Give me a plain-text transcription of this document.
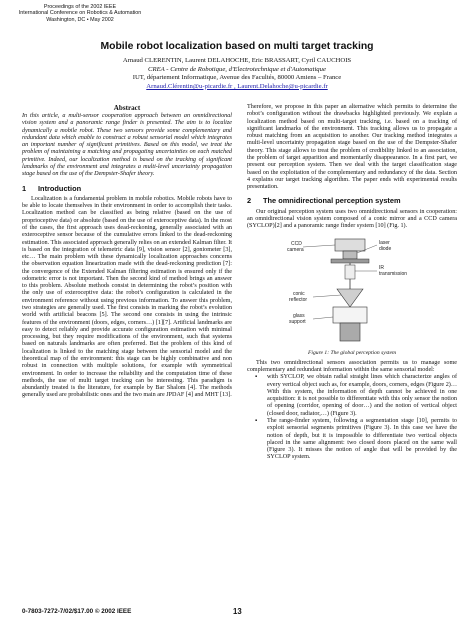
Proceedings of the 2002 IEEE
International Conference on Robotics & Automation
Washington, DC • May 2002
Mobile robot localization based on multi target tracking
Arnaud CLERENTIN, Laurent DELAHOCHE, Eric BRASSART, Cyril CAUCHOIS
CREA - Centre de Robotique, d'Electrotechnique et d'Automatique
IUT, département Informatique, Avenue des Facultés, 80000 Amiens – France
Arnaud.Clérentin@u-picardie.fr , Laurent.Delahoche@u-picardie.fr
Abstract

In this article, a multi-sensor cooperation approach between an omnidirectional vision system and a panoramic range finder is presented. The aim is to localize dynamically a mobile robot. These two sensors provide some complementary and redundant data which enable to construct a robust sensorial model which integrates an important number of significant primitives. Based on this model, we treat the problem of maintaining a matching and propagating uncertainties on each matched primitive. Indeed, our localization method is based on the tracking of significant landmarks of the environment and integrates a multi-level uncertainty propagation stage based on the use of the Dempster-Shafer theory.

1 Introduction

Localization is a fundamental problem in mobile robotics. Mobile robots have to be able to locate themselves in their environment in order to accomplish their tasks. Localization method can be classified as being relative (based on the use of proprioceptive data) or absolute (based on the use of exteroceptive data). In the most of the cases, the first approach uses dead-reckoning, generally associated with an exteroceptive sensor because of the cumulative errors linked to the dead-reckoning estimation. This associated approach generally relies on an extended Kalman filter. It is based on the integration of telemetric data [9], vision sensor [2], goniometer [3], etc… The main problem with these dynamically localization approaches concerns the observation equation linearization made with the dead-reckoning prediction [7]: the convergence of the Extended Kalman filtering estimation is ensured only if the odometric error is not important. Then the second kind of method brings an answer to this problem. Absolute methods consist in determining the robot’s position with the only use of exteroceptive data: the robot’s configuration is calculated in the environment reference without using previous information. To answer this problem, two strategies are generally used. The first consists in marking the robot’s evolution world with artificial beacons [5]. The second one consists in using the intrinsic features of the environment (doors, edges, corners…) [1][7]. Artificial landmarks are easy to detect reliably and provide accurate configuration estimation with minimal processing, but they require modifications of the environment, such that systems based on naturals landmarks are often preferred. But the problem of this kind of localization is linked to the matching stage between the sensorial model and the theoretical map of the environment: this stage can be highly combinative and non robust in connection with multiple solutions, for example with symmetrical environment. In order to increase the reliability and the computation time of these methods, the use of multi target tracking can be interesting. This paradigm is abundantly treated is the literature, for example by Bar Shalom [4]. The methods generally used are probabilistic ones and the two main are JPDAF [4] and MHT [13].

Therefore, we propose in this paper an alternative which permits to determine the robot’s configuration without the drawbacks highlighted previously. We explain a localization method based on multi-target tracking, i.e. based on a tracking of significant landmarks of the environment. This tracking allows us to propagate a robust matching from an acquisition to another. Our tracking method integrates a multi-level uncertainty propagation stage based on the use of the Dempster-Shafer theory. This stage allows to treat the problem of credibility linked to an association, the problem of target apparition and momentarily disappearance. In a first part, we present our perception system. Then we deal with the target classification stage based on the exploitation of the complementary and redundancy of the data. Section 4 explains our target tracking algorithm. The paper ends with experimental results presentation.

2 The omnidirectional perception system

Our original perception system uses two omnidirectional sensors in cooperation: an omnidirectional vision system composed of a conic mirror and a CCD camera (SYCLOP)[2] and a panoramic range finder system [10] (Fig. 1).

CCD
camera
laser
diode
IR
transmission
conic
reflector
glass
support
Figure 1: The global perception system

This two omnidirectional sensors association permits us to manage some complementary and redundant information within the same sensorial model:

▪ with SYCLOP, we obtain radial straight lines which characterize angles of every vertical object such as, for example, doors, corners, edges (Figure 2)… With this system, the information of depth cannot be achieved in one acquisition: it is not possible to differentiate with this only sensor the notion of opening (corridor, opening of door…) and the notion of vertical object (closed door, radiator,…) (Figure 3).
▪ The range-finder system, following a segmentation stage [10], permits to exploit sensorial segments primitives (Figure 3). In this case we have the notion of depth, but it is impossible to differentiate two vertical objects placed in the same alignment: two closed doors placed on the same wall (Figure 3). It misses the notion of angle that will be provided by the SYCLOP system.
0-7803-7272-7/02/$17.00 © 2002 IEEE	13
